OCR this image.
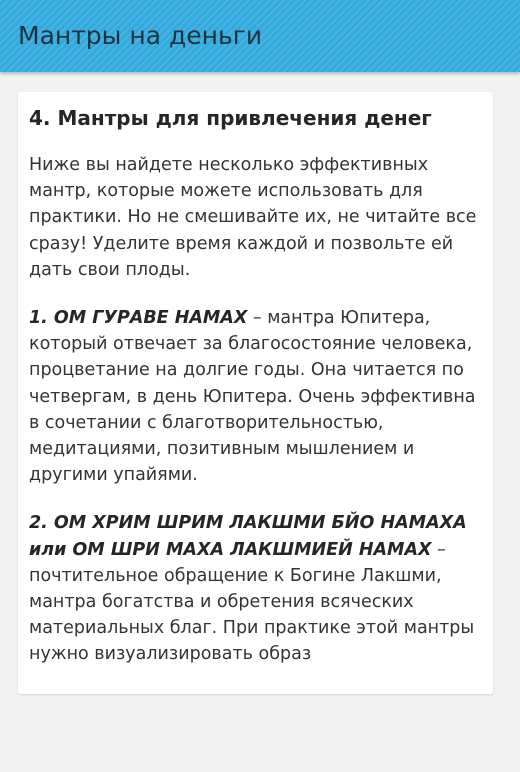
Мантры на деньги
4. Мантры для привлечения денег

Ниже вы найдете несколько эффективных мантр, которые можете использовать для практики. Но не смешивайте их, не читайте все сразу! Уделите время каждой и позвольте ей дать свои плоды.

1. ОМ ГУРАВЕ НАМАХ – мантра Юпитера, который отвечает за благосостояние человека, процветание на долгие годы. Она читается по четвергам, в день Юпитера. Очень эффективна в сочетании с благотворительностью, медитациями, позитивным мышлением и другими упайями.

2. ОМ ХРИМ ШРИМ ЛАКШМИ БЙО НАМАХА или ОМ ШРИ МАХА ЛАКШМИЕЙ НАМАХ – почтительное обращение к Богине Лакшми, мантра богатства и обретения всяческих материальных благ. При практике этой мантры нужно визуализировать образ
